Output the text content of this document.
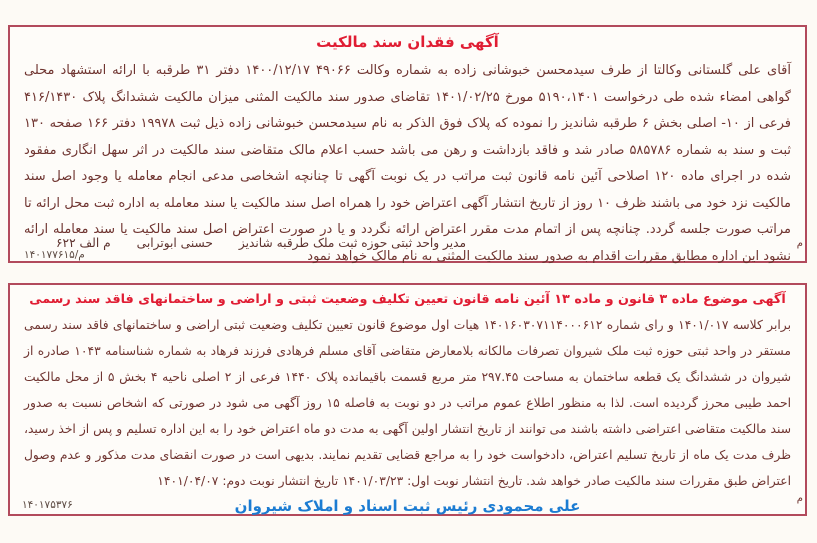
آگهی فقدان سند مالکیت

آقای علی گلستانی وکالتا از طرف سیدمحسن خبوشانی زاده به شماره وکالت ۴۹۰۶۶ ۱۴۰۰/۱۲/۱۷ دفتر ۳۱ طرقبه با ارائه استشهاد محلی گواهی امضاء شده طی درخواست ۵۱۹۰،۱۴۰۱ مورخ ۱۴۰۱/۰۲/۲۵ تقاضای صدور سند مالکیت المثنی میزان مالکیت ششدانگ پلاک ۴۱۶/۱۴۳۰ فرعی از ۱۰- اصلی بخش ۶ طرقبه شاندیز را نموده که پلاک فوق الذکر به نام سیدمحسن خبوشانی زاده ذیل ثبت ۱۹۹۷۸ دفتر ۱۶۶ صفحه ۱۳۰ ثبت و سند به شماره ۵۸۵۷۸۶ صادر شد و فاقد بازداشت و رهن می باشد حسب اعلام مالک متقاضی سند مالکیت در اثر سهل انگاری مفقود شده در اجرای ماده ۱۲۰ اصلاحی آئین نامه قانون ثبت مراتب در یک نوبت آگهی تا چنانچه اشخاصی مدعی انجام معامله یا وجود اصل سند مالکیت نزد خود می باشند ظرف ۱۰ روز از تاریخ انتشار آگهی اعتراض خود را همراه اصل سند مالکیت یا سند معامله به اداره ثبت محل ارائه تا مراتب صورت جلسه گردد. چنانچه پس از اتمام مدت مقرر اعتراض ارائه نگردد و یا در صورت اعتراض اصل سند مالکیت یا سند معامله ارائه نشود این اداره مطابق مقررات اقدام به صدور سند مالکیت المثنی به نام مالک خواهد نمود

م الف ۶۲۲ حسنی ابوترابی مدیر واحد ثبتی حوزه ثبت ملک طرقبه شاندیز
م/۱۴۰۱۷۷۶۱۵
م
آگهی موضوع ماده ۳ قانون و ماده ۱۳ آئین نامه قانون تعیین تکلیف وضعیت ثبتی و اراضی و ساختمانهای فاقد سند رسمی

برابر کلاسه ۱۴۰۱/۰۱۷ و رای شماره ۱۴۰۱۶۰۳۰۷۱۱۴۰۰۰۶۱۲ هیات اول موضوع قانون تعیین تکلیف وضعیت ثبتی اراضی و ساختمانهای فاقد سند رسمی مستقر در واحد ثبتی حوزه ثبت ملک شیروان تصرفات مالکانه بلامعارض متقاضی آقای مسلم فرهادی فرزند فرهاد به شماره شناسنامه ۱۰۴۳ صادره از شیروان در ششدانگ یک قطعه ساختمان به مساحت ۲۹۷.۴۵ متر مربع قسمت باقیمانده پلاک ۱۴۴۰ فرعی از ۲ اصلی ناحیه ۴ بخش ۵ از محل مالکیت احمد طیبی محرز گردیده است. لذا به منظور اطلاع عموم مراتب در دو نوبت به فاصله ۱۵ روز آگهی می شود در صورتی که اشخاص نسبت به صدور سند مالکیت متقاضی اعتراضی داشته باشند می توانند از تاریخ انتشار اولین آگهی به مدت دو ماه اعتراض خود را به این اداره تسلیم و پس از اخذ رسید، ظرف مدت یک ماه از تاریخ تسلیم اعتراض، دادخواست خود را به مراجع قضایی تقدیم نمایند. بدیهی است در صورت انقضای مدت مذکور و عدم وصول اعتراض طبق مقررات سند مالکیت صادر خواهد شد. تاریخ انتشار نوبت اول: ۱۴۰۱/۰۳/۲۳ تاریخ انتشار نوبت دوم: ۱۴۰۱/۰۴/۰۷

علی محمودی رئیس ثبت اسناد و املاک شیروان
۱۴۰۱۷۵۳۷۶
م
